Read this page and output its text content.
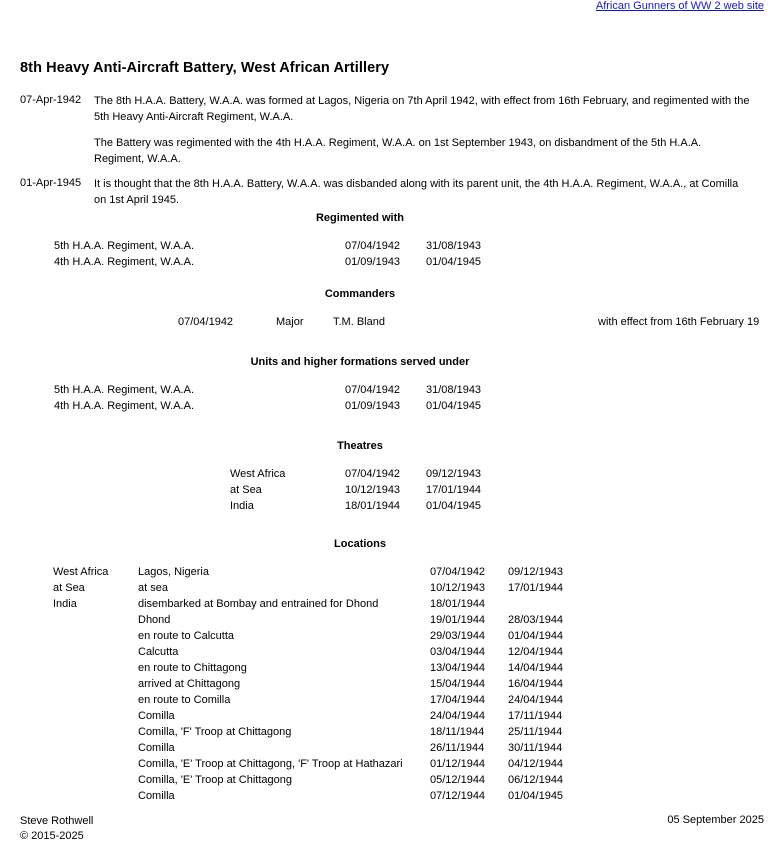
African Gunners of WW 2 web site
8th Heavy Anti-Aircraft Battery, West African Artillery
07-Apr-1942	The 8th H.A.A. Battery, W.A.A. was formed at Lagos, Nigeria on 7th April 1942, with effect from 16th February, and regimented with the 5th Heavy Anti-Aircraft Regiment, W.A.A.

The Battery was regimented with the 4th H.A.A. Regiment, W.A.A. on 1st September 1943, on disbandment of the 5th H.A.A. Regiment, W.A.A.

01-Apr-1945	It is thought that the 8th H.A.A. Battery, W.A.A. was disbanded along with its parent unit, the 4th H.A.A. Regiment, W.A.A., at Comilla on 1st April 1945.

Regimented with
5th H.A.A. Regiment, W.A.A.	07/04/1942 31/08/1943
4th H.A.A. Regiment, W.A.A.	01/09/1943 01/04/1945
Commanders
07/04/1942	Major	T.M. Bland	with effect from 16th February 19
Units and higher formations served under
5th H.A.A. Regiment, W.A.A.	07/04/1942 31/08/1943
4th H.A.A. Regiment, W.A.A.	01/09/1943 01/04/1945
Theatres
West Africa	07/04/1942 09/12/1943
at Sea	10/12/1943 17/01/1944
India	18/01/1944 01/04/1945
Locations
West Africa	Lagos, Nigeria	07/04/1942 09/12/1943
at Sea	at sea	10/12/1943 17/01/1944
India	disembarked at Bombay and entrained for Dhond	18/01/1944
Dhond	19/01/1944 28/03/1944
en route to Calcutta	29/03/1944 01/04/1944
Calcutta	03/04/1944 12/04/1944
en route to Chittagong	13/04/1944 14/04/1944
arrived at Chittagong	15/04/1944 16/04/1944
en route to Comilla	17/04/1944 24/04/1944
Comilla	24/04/1944 17/11/1944
Comilla, 'F' Troop at Chittagong	18/11/1944 25/11/1944
Comilla	26/11/1944 30/11/1944
Comilla, 'E' Troop at Chittagong, 'F' Troop at Hathazari 01/12/1944 04/12/1944
Comilla, 'E' Troop at Chittagong	05/12/1944 06/12/1944
Comilla	07/12/1944 01/04/1945
Steve Rothwell
© 2015-2025
05 September 2025
